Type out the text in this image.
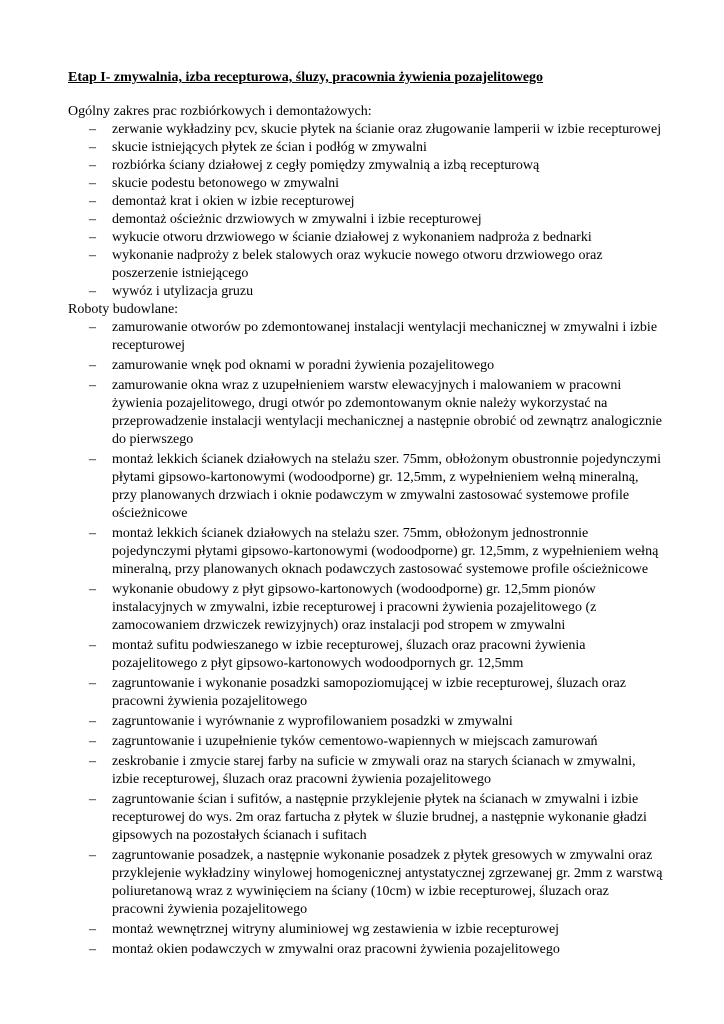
Etap I- zmywalnia, izba recepturowa, śluzy, pracownia żywienia pozajelitowego
Ogólny zakres prac rozbiórkowych i demontażowych:
– zerwanie wykładziny pcv, skucie płytek na ścianie oraz zługowanie lamperii w izbie recepturowej
– skucie istniejących płytek ze ścian i podłóg w zmywalni
– rozbiórka ściany działowej z cegły pomiędzy zmywalnią a izbą recepturową
– skucie podestu betonowego w zmywalni
– demontaż krat i okien w izbie recepturowej
– demontaż ościeżnic drzwiowych w zmywalni i izbie recepturowej
– wykucie otworu drzwiowego w ścianie działowej z wykonaniem nadproża z bednarki
– wykonanie nadproży z belek stalowych oraz wykucie nowego otworu drzwiowego oraz poszerzenie istniejącego
– wywóz i utylizacja gruzu
Roboty budowlane:
– zamurowanie otworów po zdemontowanej instalacji wentylacji mechanicznej w zmywalni i izbie recepturowej
– zamurowanie wnęk pod oknami w poradni żywienia pozajelitowego
– zamurowanie okna wraz z uzupełnieniem warstw elewacyjnych i malowaniem w pracowni żywienia pozajelitowego, drugi otwór po zdemontowanym oknie należy wykorzystać na przeprowadzenie instalacji wentylacji mechanicznej a następnie obrobić od zewnątrz analogicznie do pierwszego
– montaż lekkich ścianek działowych na stelażu szer. 75mm, obłożonym obustronnie pojedynczymi płytami gipsowo-kartonowymi (wodoodporne) gr. 12,5mm, z wypełnieniem wełną mineralną, przy planowanych drzwiach i oknie podawczym w zmywalni zastosować systemowe profile ościeżnicowe
– montaż lekkich ścianek działowych na stelażu szer. 75mm, obłożonym jednostronnie pojedynczymi płytami gipsowo-kartonowymi (wodoodporne) gr. 12,5mm, z wypełnieniem wełną mineralną, przy planowanych oknach podawczych zastosować systemowe profile ościeżnicowe
– wykonanie obudowy z płyt gipsowo-kartonowych (wodoodporne) gr. 12,5mm pionów instalacyjnych w zmywalni, izbie recepturowej i pracowni żywienia pozajelitowego (z zamocowaniem drzwiczek rewizyjnych) oraz instalacji pod stropem w zmywalni
– montaż sufitu podwieszanego w izbie recepturowej, śluzach oraz pracowni żywienia pozajelitowego z płyt gipsowo-kartonowych wodoodpornych gr. 12,5mm
– zagruntowanie i wykonanie posadzki samopoziomującej w izbie recepturowej, śluzach oraz pracowni żywienia pozajelitowego
– zagruntowanie i wyrównanie z wyprofilowaniem posadzki w zmywalni
– zagruntowanie i uzupełnienie tyków cementowo-wapiennych w miejscach zamurowań
– zeskrobanie i zmycie starej farby na suficie w zmywali oraz na starych ścianach w zmywalni, izbie recepturowej, śluzach oraz pracowni żywienia pozajelitowego
– zagruntowanie ścian i sufitów, a następnie przyklejenie płytek na ścianach w zmywalni i izbie recepturowej do wys. 2m oraz fartucha z płytek w śluzie brudnej, a następnie wykonanie gładzi gipsowych na pozostałych ścianach i sufitach
– zagruntowanie posadzek, a następnie wykonanie posadzek z płytek gresowych w zmywalni oraz przyklejenie wykładziny winylowej homogenicznej antystatycznej zgrzewanej gr. 2mm z warstwą poliuretanową wraz z wywinięciem na ściany (10cm) w izbie recepturowej, śluzach oraz pracowni żywienia pozajelitowego
– montaż wewnętrznej witryny aluminiowej wg zestawienia w izbie recepturowej
– montaż okien podawczych w zmywalni oraz pracowni żywienia pozajelitowego
